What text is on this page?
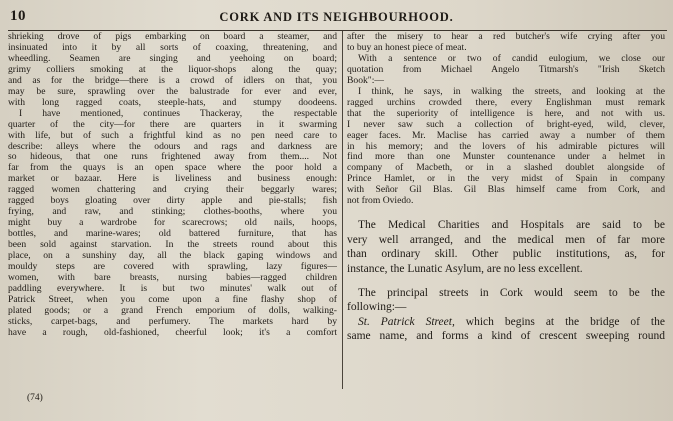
10	CORK AND ITS NEIGHBOURHOOD.
shrieking drove of pigs embarking on board a steamer, and
insinuated into it by all sorts of coaxing, threatening, and
wheedling. Seamen are singing and yeehoing on board;
grimy colliers smoking at the liquor-shops along the quay;
and as for the bridge—there is a crowd of idlers on that, you
may be sure, sprawling over the balustrade for ever and ever,
with long ragged coats, steeple-hats, and stumpy doodeens.
I have mentioned, continues Thackeray, the respectable
quarter of the city—for there are quarters in it swarming
with life, but of such a frightful kind as no pen need care to
describe: alleys where the odours and rags and darkness are
so hideous, that one runs frightened away from them.... Not
far from the quays is an open space where the poor hold a
market or bazaar. Here is liveliness and business enough:
ragged women chattering and crying their beggarly wares;
ragged boys gloating over dirty apple and pie-stalls; fish
frying, and raw, and stinking; clothes-booths, where you
might buy a wardrobe for scarecrows; old nails, hoops,
bottles, and marine-wares; old battered furniture, that has
been sold against starvation. In the streets round about this
place, on a sunshiny day, all the black gaping windows and
mouldy steps are covered with sprawling, lazy figures—
women, with bare breasts, nursing babies—ragged children
paddling everywhere. It is but two minutes' walk out of
Patrick Street, when you come upon a fine flashy shop of
plated goods; or a grand French emporium of dolls, walking-
sticks, carpet-bags, and perfumery. The markets hard by
have a rough, old-fashioned, cheerful look; it's a comfort
after the misery to hear a red butcher's wife crying after you
to buy an honest piece of meat.
With a sentence or two of candid eulogium, we close our
quotation from Michael Angelo Titmarsh's "Irish Sketch
Book":—
I think, he says, in walking the streets, and looking at the
ragged urchins crowded there, every Englishman must remark
that the superiority of intelligence is here, and not with us.
I never saw such a collection of bright-eyed, wild, clever,
eager faces. Mr. Maclise has carried away a number of them
in his memory; and the lovers of his admirable pictures will
find more than one Munster countenance under a helmet in
company of Macbeth, or in a slashed doublet alongside of
Prince Hamlet, or in the very midst of Spain in company
with Señor Gil Blas. Gil Blas himself came from Cork, and
not from Oviedo.
The Medical Charities and Hospitals are said to be
very well arranged, and the medical men of far more
than ordinary skill. Other public institutions, as, for
instance, the Lunatic Asylum, are no less excellent.
The principal streets in Cork would seem to be the
following:—
St. Patrick Street, which begins at the bridge of the
same name, and forms a kind of crescent sweeping round
(74)
